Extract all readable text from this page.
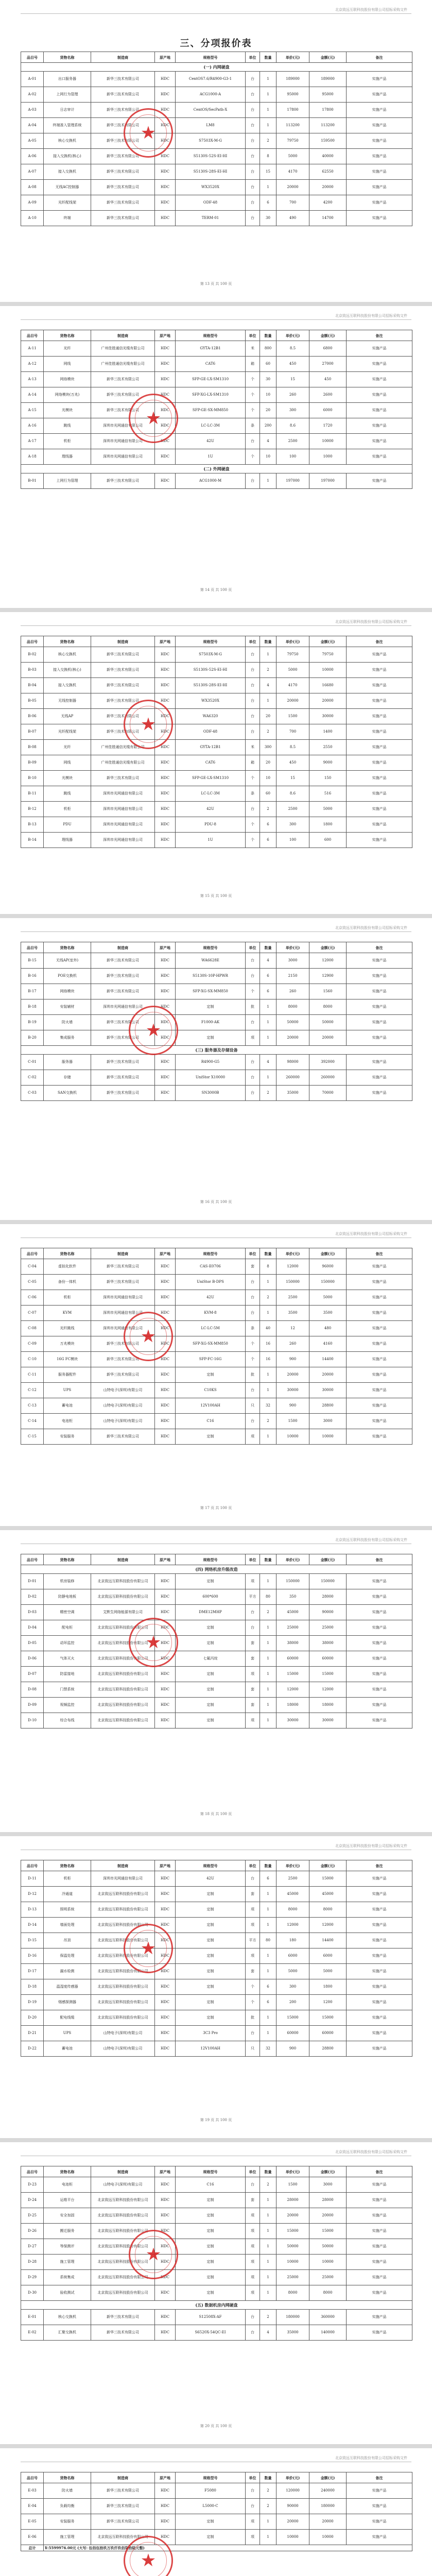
北京致远互联科技股份有限公司招标采购文件
三、分项报价表
品目号	货物名称	制造商	原产地	规格型号	单位	数量	单价(元)	金额(元)	备注
(一) 内网硬盘									
A-01	出口服务器	新华三技术有限公司	HDC	CentOS7.6/R4900-G3-1	台	1	189000	189000	实施产品
A-02	上网行为管理	新华三技术有限公司	HDC	ACG1000-A	台	1	95000	95000	实施产品
A-03	日志审计	新华三技术有限公司	HDC	CentOS/SecPath-X	台	1	17800	17800	实施产品
A-04	终端准入管理系统	新华三技术有限公司	HDC	LM8	台	1	113200	113200	实施产品
A-05	核心交换机	新华三技术有限公司	HDC	S7503X-M-G	台	2	79750	159500	实施产品
A-06	接入交换机(核心)	新华三技术有限公司	HDC	S5130S-52S-EI-HI	台	8	5000	40000	实施产品
A-07	接入交换机	新华三技术有限公司	HDC	S5130S-28S-EI-HI	台	15	4170	62550	实施产品
A-08	无线AC控制器	新华三技术有限公司	HDC	WX3520X	台	1	20000	20000	实施产品
A-09	光纤配线架	新华三技术有限公司	HDC	ODF-48	台	6	700	4200	实施产品
A-10	终端	新华三技术有限公司	HDC	TERM-01	台	30	490	14700	实施产品
★
第 13 页 共 100 页
北京致远互联科技股份有限公司招标采购文件
品目号	货物名称	制造商	原产地	规格型号	单位	数量	单价(元)	金额(元)	备注
A-11	光纤	广州佳胜通信光缆有限公司	HDC	GYTA-12B1	米	800	8.5	6800	实施产品
A-12	网线	广州佳胜通信光缆有限公司	HDC	CAT6	箱	60	450	27000	实施产品
A-13	网络模块	新华三技术有限公司	HDC	SFP-GE-LX-SM1310	个	30	15	450	实施产品
A-14	网络模块(万兆)	新华三技术有限公司	HDC	SFP-XG-LX-SM1310	个	10	260	2600	实施产品
A-15	光模块	新华三技术有限公司	HDC	SFP-GE-SX-MM850	个	20	300	6000	实施产品
A-16	跳线	深圳市光网通信有限公司	HDC	LC-LC-3M	条	200	8.6	1720	实施产品
A-17	机柜	深圳市光网通信有限公司	HDC	42U	台	4	2500	10000	实施产品
A-18	理线器	深圳市光网通信有限公司	HDC	1U	个	10	100	1000	实施产品
(二) 外网硬盘									
B-01	上网行为管理	新华三技术有限公司	HDC	ACG1000-M	台	1	197000	197000	实施产品
★
第 14 页 共 100 页
北京致远互联科技股份有限公司招标采购文件
品目号	货物名称	制造商	原产地	规格型号	单位	数量	单价(元)	金额(元)	备注
B-02	核心交换机	新华三技术有限公司	HDC	S7503X-M-G	台	1	79750	79750	实施产品
B-03	接入交换机(核心)	新华三技术有限公司	HDC	S5130S-52S-EI-HI	台	2	5000	10000	实施产品
B-04	接入交换机	新华三技术有限公司	HDC	S5130S-28S-EI-HI	台	4	4170	16680	实施产品
B-05	无线控制器	新华三技术有限公司	HDC	WX3520X	台	1	20000	20000	实施产品
B-06	无线AP	新华三技术有限公司	HDC	WA6320	台	20	1500	30000	实施产品
B-07	光纤配线架	新华三技术有限公司	HDC	ODF-48	台	2	700	1400	实施产品
B-08	光纤	广州佳胜通信光缆有限公司	HDC	GYTA-12B1	米	300	8.5	2550	实施产品
B-09	网线	广州佳胜通信光缆有限公司	HDC	CAT6	箱	20	450	9000	实施产品
B-10	光模块	新华三技术有限公司	HDC	SFP-GE-LX-SM1310	个	10	15	150	实施产品
B-11	跳线	深圳市光网通信有限公司	HDC	LC-LC-3M	条	60	8.6	516	实施产品
B-12	机柜	深圳市光网通信有限公司	HDC	42U	台	2	2500	5000	实施产品
B-13	PDU	深圳市光网通信有限公司	HDC	PDU-8	个	6	300	1800	实施产品
B-14	理线器	深圳市光网通信有限公司	HDC	1U	个	6	100	600	实施产品
★
第 15 页 共 100 页
北京致远互联科技股份有限公司招标采购文件
品目号	货物名称	制造商	原产地	规格型号	单位	数量	单价(元)	金额(元)	备注
B-15	无线AP(室外)	新华三技术有限公司	HDC	WA6628E	台	4	3000	12000	实施产品
B-16	POE交换机	新华三技术有限公司	HDC	S5130S-10P-HPWR	台	6	2150	12900	实施产品
B-17	网络模块	新华三技术有限公司	HDC	SFP-XG-SX-MM850	个	6	260	1560	实施产品
B-18	安装辅材	深圳市光网通信有限公司	HDC	定制	批	1	8000	8000	实施产品
B-19	防火墙	新华三技术有限公司	HDC	F1000-AK	台	1	50000	50000	实施产品
B-20	集成服务	新华三技术有限公司	HDC	定制	项	1	20000	20000	实施产品
(三) 服务器及存储设备									
C-01	服务器	新华三技术有限公司	HDC	R4900-G5	台	4	98000	392000	实施产品
C-02	存储	新华三技术有限公司	HDC	UniStor X10000	台	1	260000	260000	实施产品
C-03	SAN交换机	新华三技术有限公司	HDC	SN3000B	台	2	35000	70000	实施产品
★
第 16 页 共 100 页
北京致远互联科技股份有限公司招标采购文件
品目号	货物名称	制造商	原产地	规格型号	单位	数量	单价(元)	金额(元)	备注
C-04	虚拟化软件	新华三技术有限公司	HDC	CAS-E0706	套	8	12000	96000	实施产品
C-05	备份一体机	新华三技术有限公司	HDC	UniStor B-DPS	台	1	150000	150000	实施产品
C-06	机柜	深圳市光网通信有限公司	HDC	42U	台	2	2500	5000	实施产品
C-07	KVM	深圳市光网通信有限公司	HDC	KVM-8	台	1	3500	3500	实施产品
C-08	光纤跳线	深圳市光网通信有限公司	HDC	LC-LC-5M	条	40	12	480	实施产品
C-09	万兆模块	新华三技术有限公司	HDC	SFP-XG-SX-MM850	个	16	260	4160	实施产品
C-10	16G FC模块	新华三技术有限公司	HDC	SFP-FC-16G	个	16	900	14400	实施产品
C-11	服务器配件	新华三技术有限公司	HDC	定制	批	1	20000	20000	实施产品
C-12	UPS	山特电子(深圳)有限公司	HDC	C10KS	台	1	30000	30000	实施产品
C-13	蓄电池	山特电子(深圳)有限公司	HDC	12V100AH	只	32	900	28800	实施产品
C-14	电池柜	山特电子(深圳)有限公司	HDC	C16	台	2	1500	3000	实施产品
C-15	安装服务	新华三技术有限公司	HDC	定制	项	1	10000	10000	实施产品
★
第 17 页 共 100 页
北京致远互联科技股份有限公司招标采购文件
品目号	货物名称	制造商	原产地	规格型号	单位	数量	单价(元)	金额(元)	备注
(四) 网络机房升级改造									
D-01	机房装修	北京致远互联科技股份有限公司	HDC	定制	项	1	150000	150000	实施产品
D-02	防静电地板	北京致远互联科技股份有限公司	HDC	600*600	平方	80	350	28000	实施产品
D-03	精密空调	艾默生网络能源有限公司	HDC	DME12MHP	台	2	45000	90000	实施产品
D-04	配电柜	北京致远互联科技股份有限公司	HDC	定制	台	1	25000	25000	实施产品
D-05	动环监控	北京致远互联科技股份有限公司	HDC	定制	套	1	38000	38000	实施产品
D-06	气体灭火	北京致远互联科技股份有限公司	HDC	七氟丙烷	套	1	60000	60000	实施产品
D-07	防雷接地	北京致远互联科技股份有限公司	HDC	定制	项	1	15000	15000	实施产品
D-08	门禁系统	北京致远互联科技股份有限公司	HDC	定制	套	1	12000	12000	实施产品
D-09	视频监控	北京致远互联科技股份有限公司	HDC	定制	套	1	18000	18000	实施产品
D-10	综合布线	北京致远互联科技股份有限公司	HDC	定制	项	1	30000	30000	实施产品
★
第 18 页 共 100 页
北京致远互联科技股份有限公司招标采购文件
品目号	货物名称	制造商	原产地	规格型号	单位	数量	单价(元)	金额(元)	备注
D-11	机柜	深圳市光网通信有限公司	HDC	42U	台	6	2500	15000	实施产品
D-12	冷通道	北京致远互联科技股份有限公司	HDC	定制	套	1	45000	45000	实施产品
D-13	照明系统	北京致远互联科技股份有限公司	HDC	定制	项	1	8000	8000	实施产品
D-14	墙面处理	北京致远互联科技股份有限公司	HDC	定制	项	1	12000	12000	实施产品
D-15	吊顶	北京致远互联科技股份有限公司	HDC	定制	平方	80	180	14400	实施产品
D-16	保温处理	北京致远互联科技股份有限公司	HDC	定制	项	1	6000	6000	实施产品
D-17	漏水检测	北京致远互联科技股份有限公司	HDC	定制	套	1	5000	5000	实施产品
D-18	温湿度传感器	北京致远互联科技股份有限公司	HDC	定制	个	6	300	1800	实施产品
D-19	烟感探测器	北京致远互联科技股份有限公司	HDC	定制	个	6	200	1200	实施产品
D-20	配电线缆	北京致远互联科技股份有限公司	HDC	定制	批	1	15000	15000	实施产品
D-21	UPS	山特电子(深圳)有限公司	HDC	3C3 Pro	台	1	60000	60000	实施产品
D-22	蓄电池	山特电子(深圳)有限公司	HDC	12V100AH	只	32	900	28800	实施产品
★
第 19 页 共 100 页
北京致远互联科技股份有限公司招标采购文件
品目号	货物名称	制造商	原产地	规格型号	单位	数量	单价(元)	金额(元)	备注
D-23	电池柜	山特电子(深圳)有限公司	HDC	C16	台	2	1500	3000	实施产品
D-24	运维平台	北京致远互联科技股份有限公司	HDC	定制	套	1	28000	28000	实施产品
D-25	安全加固	北京致远互联科技股份有限公司	HDC	定制	项	1	20000	20000	实施产品
D-26	搬迁服务	北京致远互联科技股份有限公司	HDC	定制	项	1	15000	15000	实施产品
D-27	等保测评	北京致远互联科技股份有限公司	HDC	定制	项	1	50000	50000	实施产品
D-28	施工管理	北京致远互联科技股份有限公司	HDC	定制	项	1	10000	10000	实施产品
D-29	系统集成	北京致远互联科技股份有限公司	HDC	定制	项	1	25000	25000	实施产品
D-30	验收测试	北京致远互联科技股份有限公司	HDC	定制	项	1	8000	8000	实施产品
(五) 数据机房内网硬盘									
E-01	核心交换机	新华三技术有限公司	HDC	S12508X-AF	台	2	180000	360000	实施产品
E-02	汇聚交换机	新华三技术有限公司	HDC	S6520X-54QC-EI	台	4	35000	140000	实施产品
★
第 20 页 共 100 页
北京致远互联科技股份有限公司招标采购文件
品目号	货物名称	制造商	原产地	规格型号	单位	数量	单价(元)	金额(元)	备注
E-03	防火墙	新华三技术有限公司	HDC	F5080	台	2	120000	240000	实施产品
E-04	负载均衡	新华三技术有限公司	HDC	L5000-C	台	2	90000	180000	实施产品
E-05	安装服务	新华三技术有限公司	HDC	定制	项	1	20000	20000	实施产品
E-06	施工管理	北京致远互联科技股份有限公司	HDC	定制	项	1	10000	10000	实施产品
总计	¥:5599976.00元 (大写: 伍佰伍拾玖万玖仟玖佰柒拾陆元整)								
★
